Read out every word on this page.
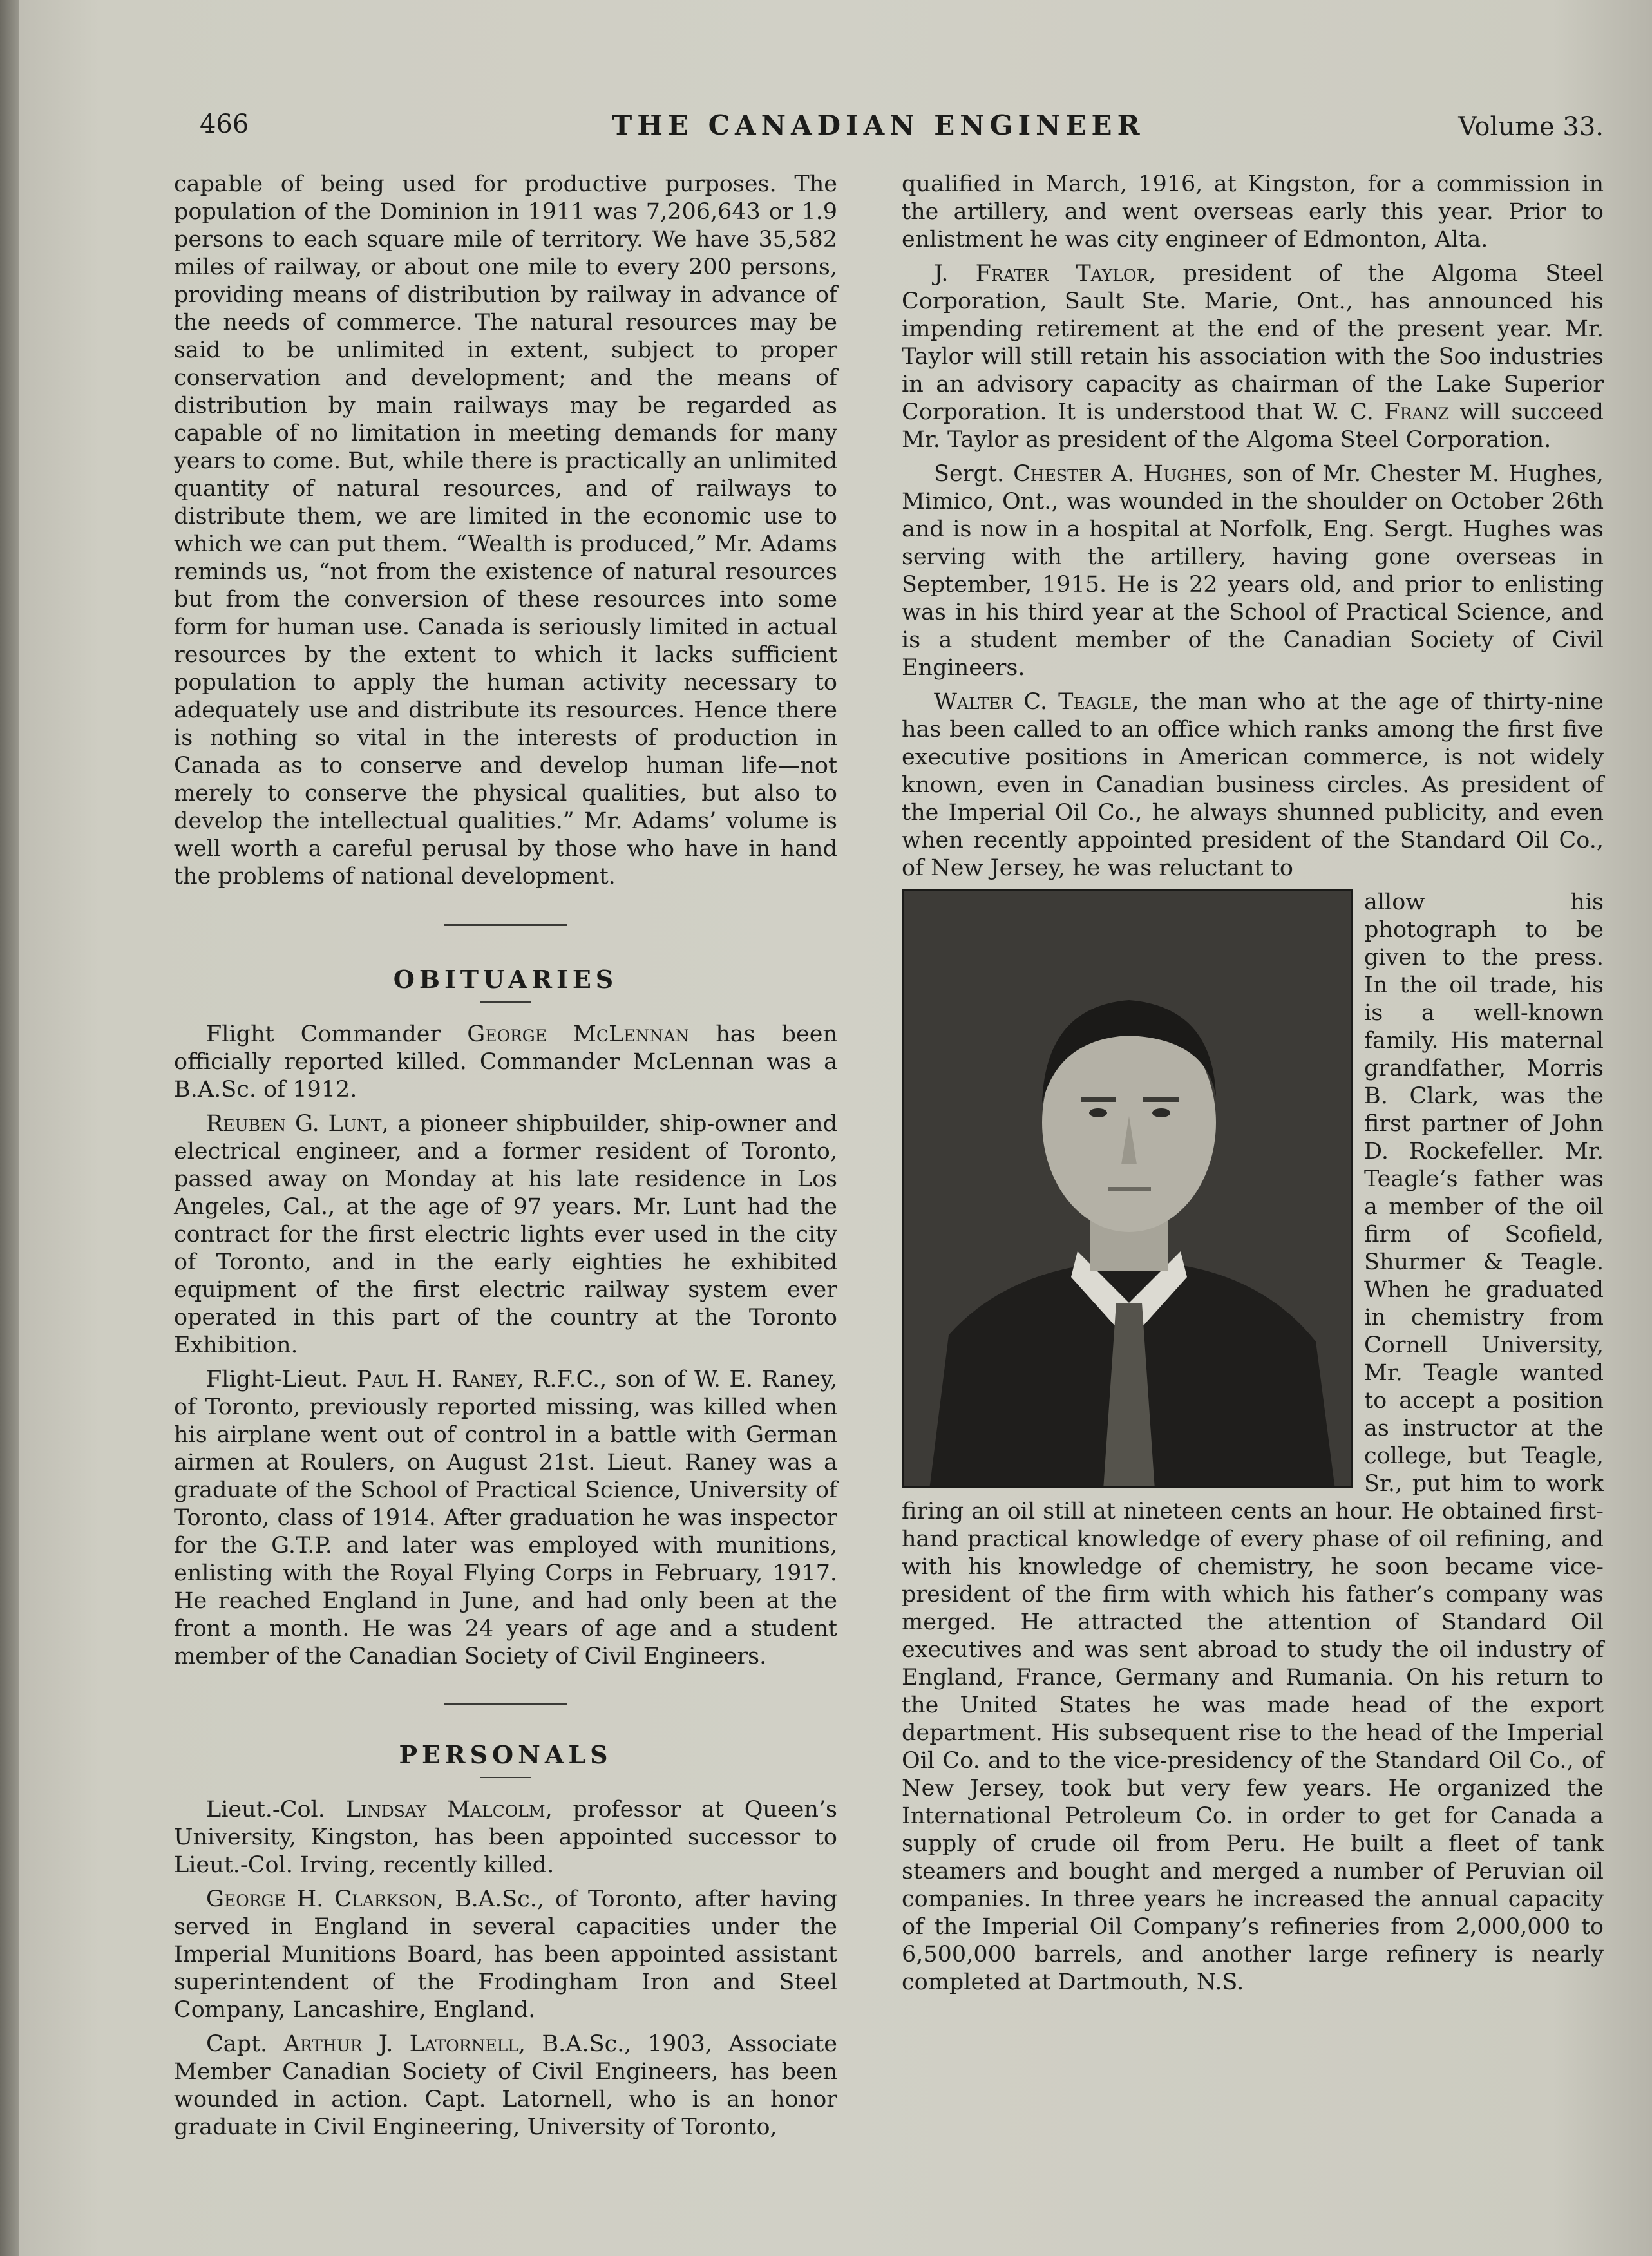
466	THE CANADIAN ENGINEER	Volume 33.

capable of being used for productive purposes. The population of the Dominion in 1911 was 7,206,643 or 1.9 persons to each square mile of territory. We have 35,582 miles of railway, or about one mile to every 200 persons, providing means of distribution by railway in advance of the needs of commerce. The natural resources may be said to be unlimited in extent, subject to proper conservation and development; and the means of distribution by main railways may be regarded as capable of no limitation in meeting demands for many years to come. But, while there is practically an unlimited quantity of natural resources, and of railways to distribute them, we are limited in the economic use to which we can put them. “Wealth is produced,” Mr. Adams reminds us, “not from the existence of natural resources but from the conversion of these resources into some form for human use. Canada is seriously limited in actual resources by the extent to which it lacks sufficient population to apply the human activity necessary to adequately use and distribute its resources. Hence there is nothing so vital in the interests of production in Canada as to conserve and develop human life—not merely to conserve the physical qualities, but also to develop the intellectual qualities.” Mr. Adams’ volume is well worth a careful perusal by those who have in hand the problems of national development.

OBITUARIES

Flight Commander George McLennan has been officially reported killed. Commander McLennan was a B.A.Sc. of 1912.

Reuben G. Lunt, a pioneer shipbuilder, ship-owner and electrical engineer, and a former resident of Toronto, passed away on Monday at his late residence in Los Angeles, Cal., at the age of 97 years. Mr. Lunt had the contract for the first electric lights ever used in the city of Toronto, and in the early eighties he exhibited equipment of the first electric railway system ever operated in this part of the country at the Toronto Exhibition.

Flight-Lieut. Paul H. Raney, R.F.C., son of W. E. Raney, of Toronto, previously reported missing, was killed when his airplane went out of control in a battle with German airmen at Roulers, on August 21st. Lieut. Raney was a graduate of the School of Practical Science, University of Toronto, class of 1914. After graduation he was inspector for the G.T.P. and later was employed with munitions, enlisting with the Royal Flying Corps in February, 1917. He reached England in June, and had only been at the front a month. He was 24 years of age and a student member of the Canadian Society of Civil Engineers.

PERSONALS

Lieut.-Col. Lindsay Malcolm, professor at Queen’s University, Kingston, has been appointed successor to Lieut.-Col. Irving, recently killed.

George H. Clarkson, B.A.Sc., of Toronto, after having served in England in several capacities under the Imperial Munitions Board, has been appointed assistant superintendent of the Frodingham Iron and Steel Company, Lancashire, England.

Capt. Arthur J. Latornell, B.A.Sc., 1903, Associate Member Canadian Society of Civil Engineers, has been wounded in action. Capt. Latornell, who is an honor graduate in Civil Engineering, University of Toronto,

qualified in March, 1916, at Kingston, for a commission in the artillery, and went overseas early this year. Prior to enlistment he was city engineer of Edmonton, Alta.

J. Frater Taylor, president of the Algoma Steel Corporation, Sault Ste. Marie, Ont., has announced his impending retirement at the end of the present year. Mr. Taylor will still retain his association with the Soo industries in an advisory capacity as chairman of the Lake Superior Corporation. It is understood that W. C. Franz will succeed Mr. Taylor as president of the Algoma Steel Corporation.

Sergt. Chester A. Hughes, son of Mr. Chester M. Hughes, Mimico, Ont., was wounded in the shoulder on October 26th and is now in a hospital at Norfolk, Eng. Sergt. Hughes was serving with the artillery, having gone overseas in September, 1915. He is 22 years old, and prior to enlisting was in his third year at the School of Practical Science, and is a student member of the Canadian Society of Civil Engineers.

Walter C. Teagle, the man who at the age of thirty-nine has been called to an office which ranks among the first five executive positions in American commerce, is not widely known, even in Canadian business circles. As president of the Imperial Oil Co., he always shunned publicity, and even when recently appointed president of the Standard Oil Co., of New Jersey, he was reluctant to

allow his photograph to be given to the press. In the oil trade, his is a well-known family. His maternal grandfather, Morris B. Clark, was the first partner of John D. Rockefeller. Mr. Teagle’s father was a member of the oil firm of Scofield, Shurmer & Teagle. When he graduated in chemistry from Cornell University, Mr. Teagle wanted to accept a position as instructor at the college, but Teagle, Sr., put him to work firing an oil still at nineteen cents an hour. He obtained first-hand practical knowledge of every phase of oil refining, and with his knowledge of chemistry, he soon became vice-president of the firm with which his father’s company was merged. He attracted the attention of Standard Oil executives and was sent abroad to study the oil industry of England, France, Germany and Rumania. On his return to the United States he was made head of the export department. His subsequent rise to the head of the Imperial Oil Co. and to the vice-presidency of the Standard Oil Co., of New Jersey, took but very few years. He organized the International Petroleum Co. in order to get for Canada a supply of crude oil from Peru. He built a fleet of tank steamers and bought and merged a number of Peruvian oil companies. In three years he increased the annual capacity of the Imperial Oil Company’s refineries from 2,000,000 to 6,500,000 barrels, and another large refinery is nearly completed at Dartmouth, N.S.
